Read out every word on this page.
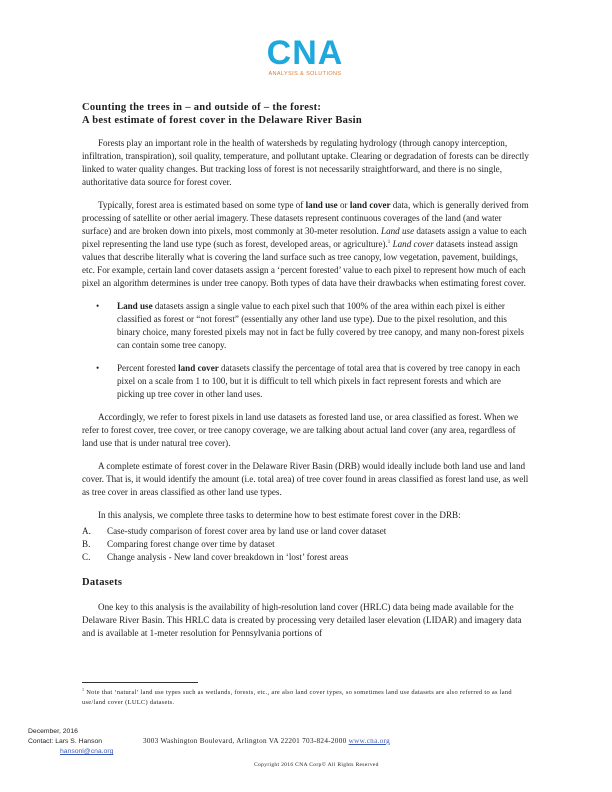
CNA
ANALYSIS & SOLUTIONS
Counting the trees in – and outside of – the forest:
A best estimate of forest cover in the Delaware River Basin

Forests play an important role in the health of watersheds by regulating hydrology (through canopy interception, infiltration, transpiration), soil quality, temperature, and pollutant uptake. Clearing or degradation of forests can be directly linked to water quality changes. But tracking loss of forest is not necessarily straightforward, and there is no single, authoritative data source for forest cover.

Typically, forest area is estimated based on some type of land use or land cover data, which is generally derived from processing of satellite or other aerial imagery. These datasets represent continuous coverages of the land (and water surface) and are broken down into pixels, most commonly at 30-meter resolution. Land use datasets assign a value to each pixel representing the land use type (such as forest, developed areas, or agriculture).$^1$ Land cover datasets instead assign values that describe literally what is covering the land surface such as tree canopy, low vegetation, pavement, buildings, etc. For example, certain land cover datasets assign a ‘percent forested’ value to each pixel to represent how much of each pixel an algorithm determines is under tree canopy. Both types of data have their drawbacks when estimating forest cover.

• Land use datasets assign a single value to each pixel such that 100% of the area within each pixel is either classified as forest or “not forest” (essentially any other land use type). Due to the pixel resolution, and this binary choice, many forested pixels may not in fact be fully covered by tree canopy, and many non-forest pixels can contain some tree canopy.
• Percent forested land cover datasets classify the percentage of total area that is covered by tree canopy in each pixel on a scale from 1 to 100, but it is difficult to tell which pixels in fact represent forests and which are picking up tree cover in other land uses.

Accordingly, we refer to forest pixels in land use datasets as forested land use, or area classified as forest. When we refer to forest cover, tree cover, or tree canopy coverage, we are talking about actual land cover (any area, regardless of land use that is under natural tree cover).

A complete estimate of forest cover in the Delaware River Basin (DRB) would ideally include both land use and land cover. That is, it would identify the amount (i.e. total area) of tree cover found in areas classified as forest land use, as well as tree cover in areas classified as other land use types.

In this analysis, we complete three tasks to determine how to best estimate forest cover in the DRB:

A.	Case-study comparison of forest cover area by land use or land cover dataset
B.	Comparing forest change over time by dataset
C.	Change analysis - New land cover breakdown in ‘lost’ forest areas
Datasets

One key to this analysis is the availability of high-resolution land cover (HRLC) data being made available for the Delaware River Basin. This HRLC data is created by processing very detailed laser elevation (LIDAR) and imagery data and is available at 1-meter resolution for Pennsylvania portions of

$^1$ Note that ‘natural’ land use types such as wetlands, forests, etc., are also land cover types, so sometimes land use datasets are also referred to as land use/land cover (LULC) datasets.
December, 2016
Contact: Lars S. Hanson
hansonl@cna.org
3003 Washington Boulevard, Arlington VA 22201 703-824-2000 www.cna.org
Copyright 2016 CNA Corp© All Rights Reserved
